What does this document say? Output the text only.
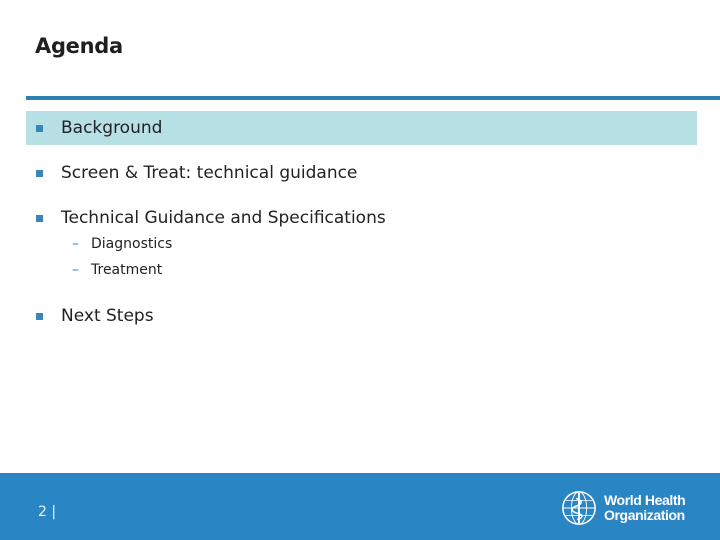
Agenda
Background
Screen & Treat: technical guidance
Technical Guidance and Specifications
– Diagnostics
– Treatment
Next Steps
2 |
World Health
Organization
